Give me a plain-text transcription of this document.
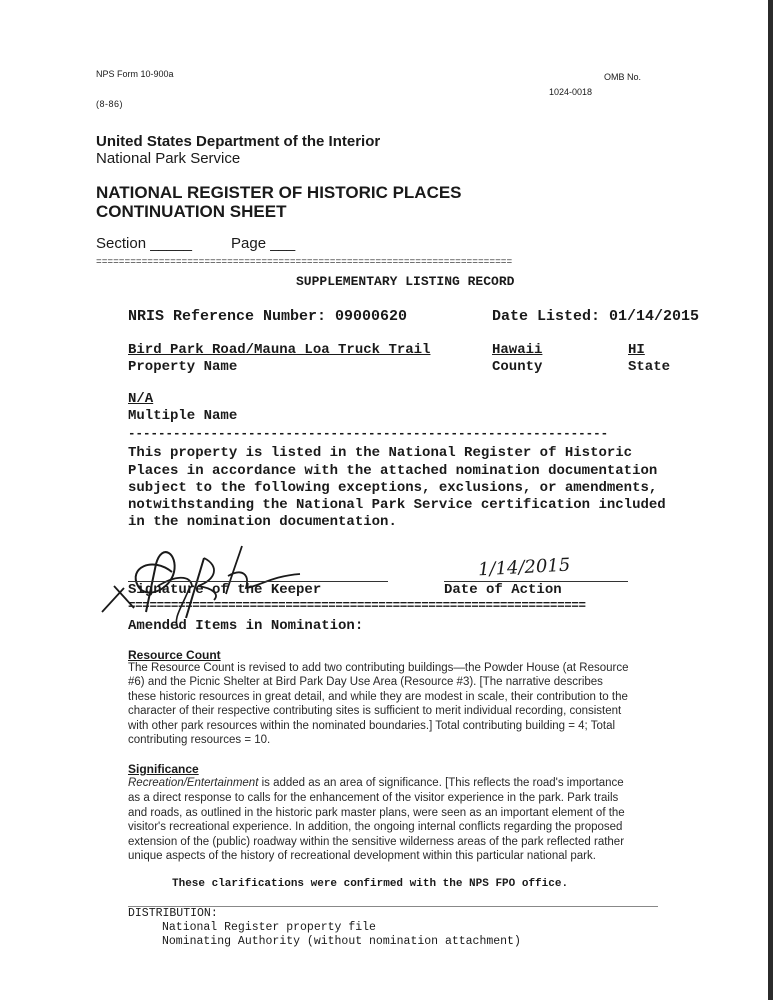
NPS Form 10-900a
(8-86)
OMB No.
1024-0018
United States Department of the Interior
National Park Service
NATIONAL REGISTER OF HISTORIC PLACES
CONTINUATION SHEET
Section _____	Page ___
=========================================================================
SUPPLEMENTARY LISTING RECORD
NRIS Reference Number: 09000620	Date Listed: 01/14/2015
Bird Park Road/Mauna Loa Truck Trail
Property Name
Hawaii
County
HI
State
N/A
Multiple Name
----------------------------------------------------------------
This property is listed in the National Register of Historic
Places in accordance with the attached nomination documentation
subject to the following exceptions, exclusions, or amendments,
notwithstanding the National Park Service certification included
in the nomination documentation.
Signature of the Keeper
1/14/2015
Date of Action
================================================================
Amended Items in Nomination:
Resource Count
The Resource Count is revised to add two contributing buildings—the Powder House (at Resource
#6) and the Picnic Shelter at Bird Park Day Use Area (Resource #3). [The narrative describes
these historic resources in great detail, and while they are modest in scale, their contribution to the
character of their respective contributing sites is sufficient to merit individual recording, consistent
with other park resources within the nominated boundaries.] Total contributing building = 4; Total
contributing resources = 10.
Significance
Recreation/Entertainment is added as an area of significance. [This reflects the road's importance
as a direct response to calls for the enhancement of the visitor experience in the park. Park trails
and roads, as outlined in the historic park master plans, were seen as an important element of the
visitor's recreational experience. In addition, the ongoing internal conflicts regarding the proposed
extension of the (public) roadway within the sensitive wilderness areas of the park reflected rather
unique aspects of the history of recreational development within this particular national park.
These clarifications were confirmed with the NPS FPO office.
DISTRIBUTION:
National Register property file
Nominating Authority (without nomination attachment)
